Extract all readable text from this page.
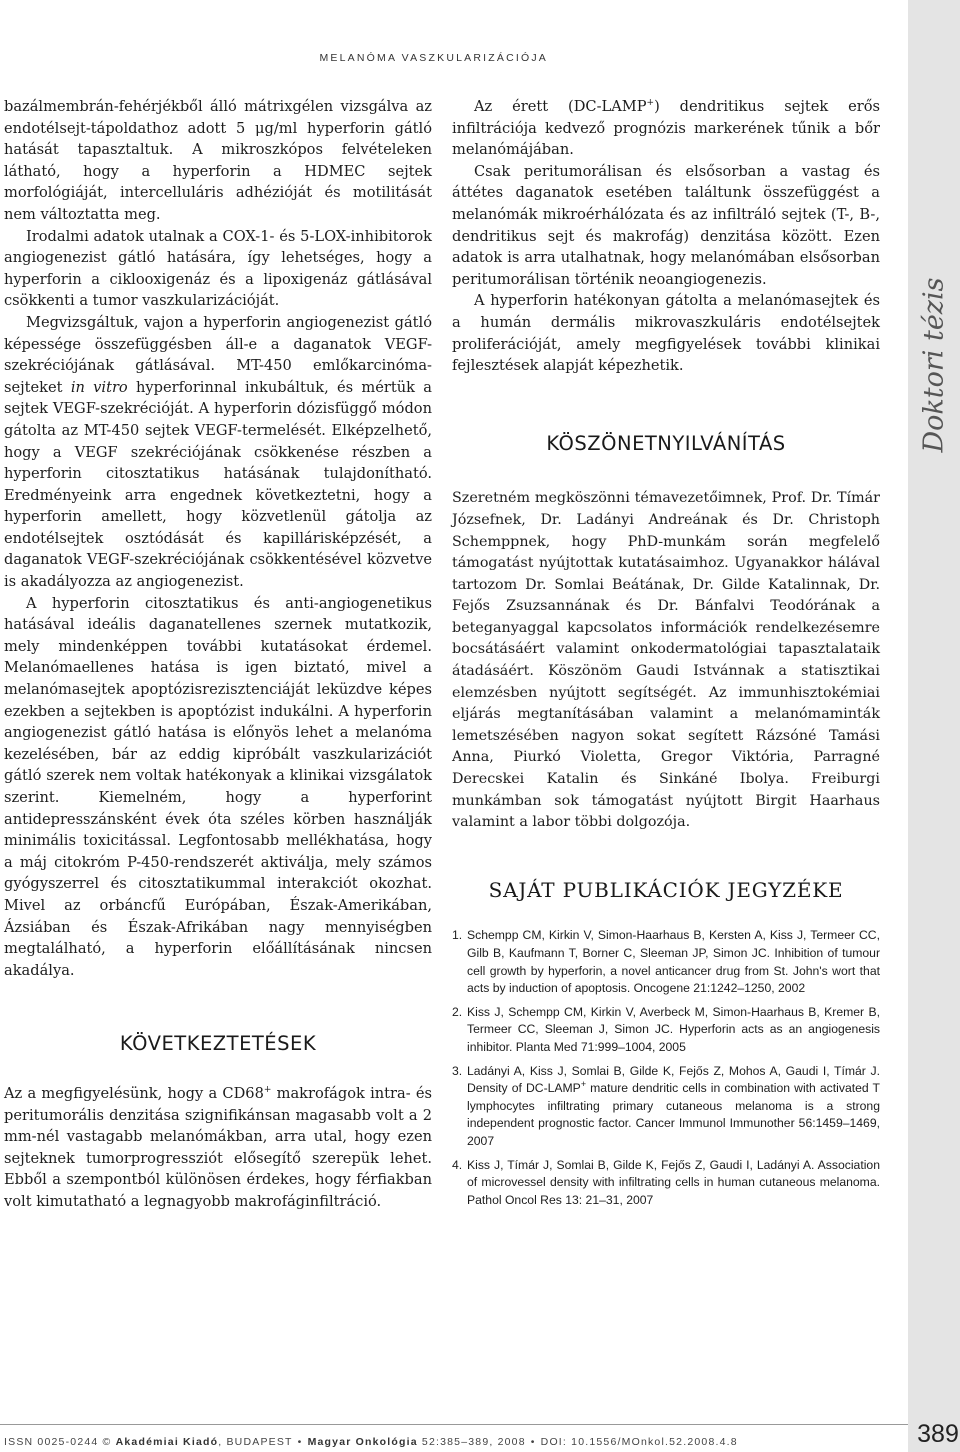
MELANÓMA VASZKULARIZÁCIÓJA
Doktori tézis

bazálmembrán-fehérjékből álló mátrixgélen vizsgálva az endotélsejt-tápoldathoz adott 5 μg/ml hyperforin gátló hatását tapasztaltuk. A mikroszkópos felvételeken látható, hogy a hyperforin a HDMEC sejtek morfológiáját, intercelluláris adhézióját és motilitását nem változtatta meg.

Irodalmi adatok utalnak a COX-1- és 5-LOX-inhibitorok angiogenezist gátló hatására, így lehetséges, hogy a hyperforin a ciklooxigenáz és a lipoxigenáz gátlásával csökkenti a tumor vaszkularizációját.

Megvizsgáltuk, vajon a hyperforin angiogenezist gátló képessége összefüggésben áll-e a daganatok VEGF-szekréciójának gátlásával. MT-450 emlőkarcinóma-sejteket in vitro hyperforinnal inkubáltuk, és mértük a sejtek VEGF-szekrécióját. A hyperforin dózisfüggő módon gátolta az MT-450 sejtek VEGF-termelését. Elképzelhető, hogy a VEGF szekréciójának csökkenése részben a hyperforin citosztatikus hatásának tulajdonítható. Eredményeink arra engednek következtetni, hogy a hyperforin amellett, hogy közvetlenül gátolja az endotélsejtek osztódását és kapillárisképzését, a daganatok VEGF-szekréciójának csökkentésével közvetve is akadályozza az angiogenezist.

A hyperforin citosztatikus és anti-angiogenetikus hatásával ideális daganatellenes szernek mutatkozik, mely mindenképpen további kutatásokat érdemel. Melanómaellenes hatása is igen biztató, mivel a melanómasejtek apoptózisrezisztenciáját leküzdve képes ezekben a sejtekben is apoptózist indukálni. A hyperforin angiogenezist gátló hatása is előnyös lehet a melanóma kezelésében, bár az eddig kipróbált vaszkularizációt gátló szerek nem voltak hatékonyak a klinikai vizsgálatok szerint. Kiemelném, hogy a hyperforint antidepresszánsként évek óta széles körben használják minimális toxicitással. Legfontosabb mellékhatása, hogy a máj citokróm P-450-rendszerét aktiválja, mely számos gyógyszerrel és citosztatikummal interakciót okozhat. Mivel az orbáncfű Európában, Észak-Amerikában, Ázsiában és Észak-Afrikában nagy mennyiségben megtalálható, a hyperforin előállításának nincsen akadálya.

KÖVETKEZTETÉSEK

Az a megfigyelésünk, hogy a CD68+ makrofágok intra- és peritumorális denzitása szignifikánsan magasabb volt a 2 mm-nél vastagabb melanómákban, arra utal, hogy ezen sejteknek tumorprogressziót elősegítő szerepük lehet. Ebből a szempontból különösen érdekes, hogy férfiakban volt kimutatható a legnagyobb makrofáginfiltráció.

Az érett (DC-LAMP+) dendritikus sejtek erős infiltrációja kedvező prognózis markerének tűnik a bőr melanómájában.

Csak peritumorálisan és elsősorban a vastag és áttétes daganatok esetében találtunk összefüggést a melanómák mikroérhálózata és az infiltráló sejtek (T-, B-, dendritikus sejt és makrofág) denzitása között. Ezen adatok is arra utalhatnak, hogy melanómában elsősorban peritumorálisan történik neoangiogenezis.

A hyperforin hatékonyan gátolta a melanómasejtek és a humán dermális mikrovaszkuláris endotélsejtek proliferációját, amely megfigyelések további klinikai fejlesztések alapját képezhetik.

KÖSZÖNETNYILVÁNÍTÁS

Szeretném megköszönni témavezetőimnek, Prof. Dr. Tímár Józsefnek, Dr. Ladányi Andreának és Dr. Christoph Schemppnek, hogy PhD-munkám során megfelelő támogatást nyújtottak kutatásaimhoz. Ugyanakkor hálával tartozom Dr. Somlai Beátának, Dr. Gilde Katalinnak, Dr. Fejős Zsuzsannának és Dr. Bánfalvi Teodórának a beteganyaggal kapcsolatos információk rendelkezésemre bocsátásáért valamint onkodermatológiai tapasztalataik átadásáért. Köszönöm Gaudi Istvánnak a statisztikai elemzésben nyújtott segítségét. Az immunhisztokémiai eljárás megtanításában valamint a melanómaminták lemetszésében nagyon sokat segített Rázsóné Tamási Anna, Piurkó Violetta, Gregor Viktória, Parragné Derecskei Katalin és Sinkáné Ibolya. Freiburgi munkámban sok támogatást nyújtott Birgit Haarhaus valamint a labor többi dolgozója.

SAJÁT PUBLIKÁCIÓK JEGYZÉKE
1. Schempp CM, Kirkin V, Simon-Haarhaus B, Kersten A, Kiss J, Termeer CC, Gilb B, Kaufmann T, Borner C, Sleeman JP, Simon JC. Inhibition of tumour cell growth by hyperforin, a novel anticancer drug from St. John's wort that acts by induction of apoptosis. Oncogene 21:1242–1250, 2002
2. Kiss J, Schempp CM, Kirkin V, Averbeck M, Simon-Haarhaus B, Kremer B, Termeer CC, Sleeman J, Simon JC. Hyperforin acts as an angiogenesis inhibitor. Planta Med 71:999–1004, 2005
3. Ladányi A, Kiss J, Somlai B, Gilde K, Fejős Z, Mohos A, Gaudi I, Tímár J. Density of DC-LAMP+ mature dendritic cells in combination with activated T lymphocytes infiltrating primary cutaneous melanoma is a strong independent prognostic factor. Cancer Immunol Immunother 56:1459–1469, 2007
4. Kiss J, Tímár J, Somlai B, Gilde K, Fejős Z, Gaudi I, Ladányi A. Association of microvessel density with infiltrating cells in human cutaneous melanoma. Pathol Oncol Res 13: 21–31, 2007
ISSN 0025-0244 © Akadémiai Kiadó, BUDAPEST • Magyar Onkológia 52:385–389, 2008 • DOI: 10.1556/MOnkol.52.2008.4.8	389
